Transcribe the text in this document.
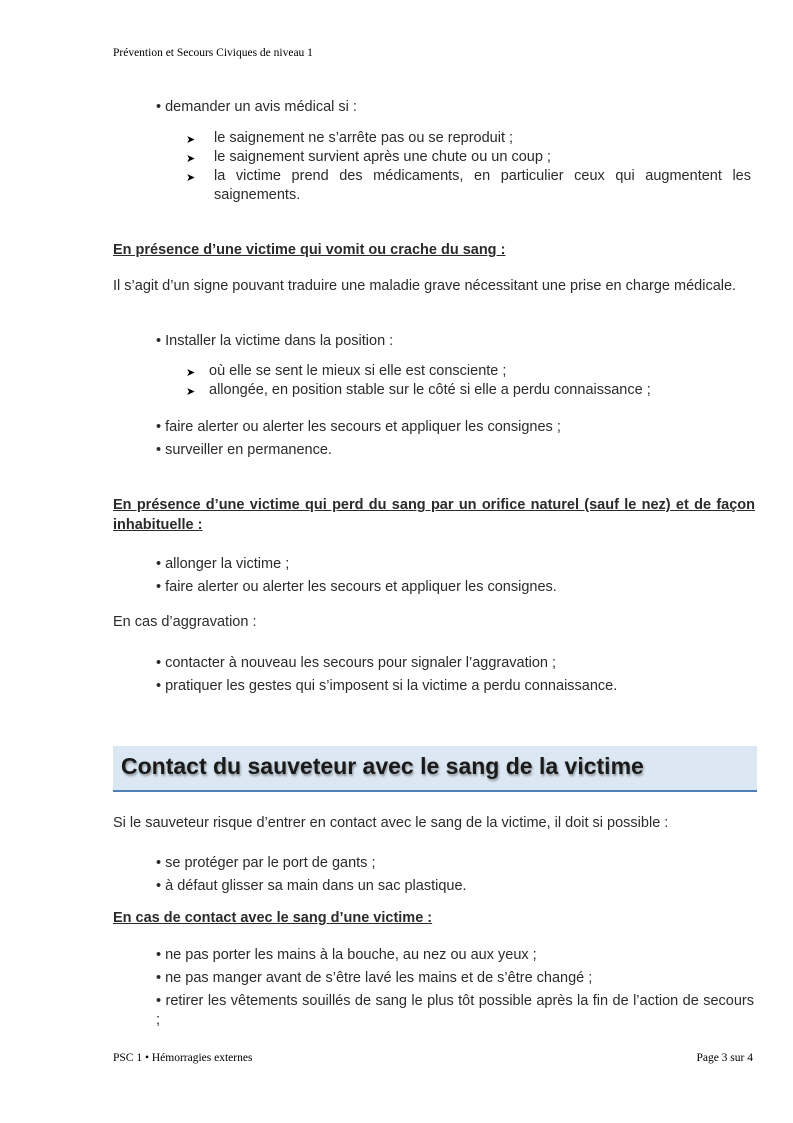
Prévention et Secours Civiques de niveau 1
• demander un avis médical si :
➤ le saignement ne s’arrête pas ou se reproduit ;
➤ le saignement survient après une chute ou un coup ;
➤ la victime prend des médicaments, en particulier ceux qui augmentent les saignements.
En présence d’une victime qui vomit ou crache du sang :
Il s’agit d’un signe pouvant traduire une maladie grave nécessitant une prise en charge médicale.
• Installer la victime dans la position :
➤ où elle se sent le mieux si elle est consciente ;
➤ allongée, en position stable sur le côté si elle a perdu connaissance ;
• faire alerter ou alerter les secours et appliquer les consignes ;
• surveiller en permanence.
En présence d’une victime qui perd du sang par un orifice naturel (sauf le nez) et de façon inhabituelle :
• allonger la victime ;
• faire alerter ou alerter les secours et appliquer les consignes.
En cas d’aggravation :
• contacter à nouveau les secours pour signaler l’aggravation ;
• pratiquer les gestes qui s’imposent si la victime a perdu connaissance.
Contact du sauveteur avec le sang de la victime
Si le sauveteur risque d’entrer en contact avec le sang de la victime, il doit si possible :
• se protéger par le port de gants ;
• à défaut glisser sa main dans un sac plastique.
En cas de contact avec le sang d’une victime :
• ne pas porter les mains à la bouche, au nez ou aux yeux ;
• ne pas manger avant de s’être lavé les mains et de s’être changé ;
• retirer les vêtements souillés de sang le plus tôt possible après la fin de l’action de secours ;
PSC 1 • Hémorragies externes	Page 3 sur 4
